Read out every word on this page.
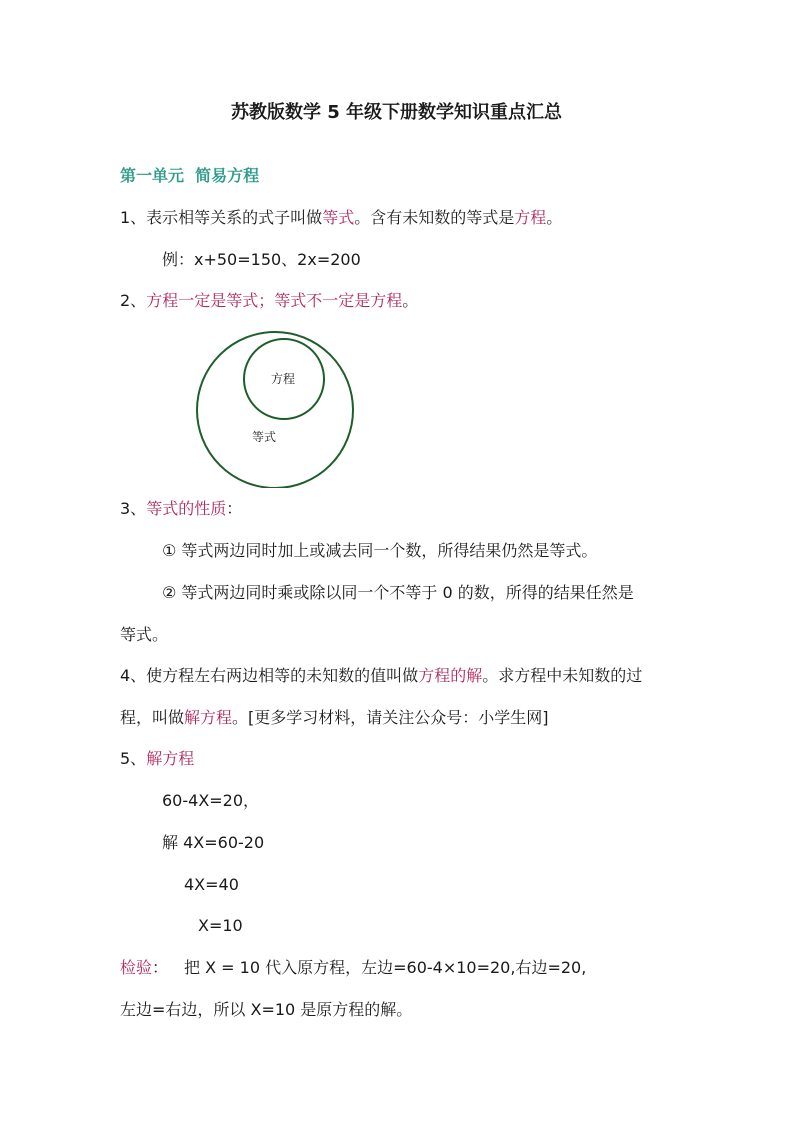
苏教版数学 5 年级下册数学知识重点汇总
第一单元 简易方程
1、表示相等关系的式子叫做等式。含有未知数的等式是方程。
例：x+50=150、2x=200
2、方程一定是等式；等式不一定是方程。
方程
等式
3、等式的性质：
① 等式两边同时加上或减去同一个数，所得结果仍然是等式。
② 等式两边同时乘或除以同一个不等于 0 的数，所得的结果任然是
等式。
4、使方程左右两边相等的未知数的值叫做方程的解。求方程中未知数的过
程，叫做解方程。[更多学习材料，请关注公众号：小学生网]
5、解方程
60-4X=20，
解 4X=60-20
4X=40
X=10
检验： 把 X = 10 代入原方程，左边=60-4×10=20,右边=20,
左边=右边，所以 X=10 是原方程的解。
